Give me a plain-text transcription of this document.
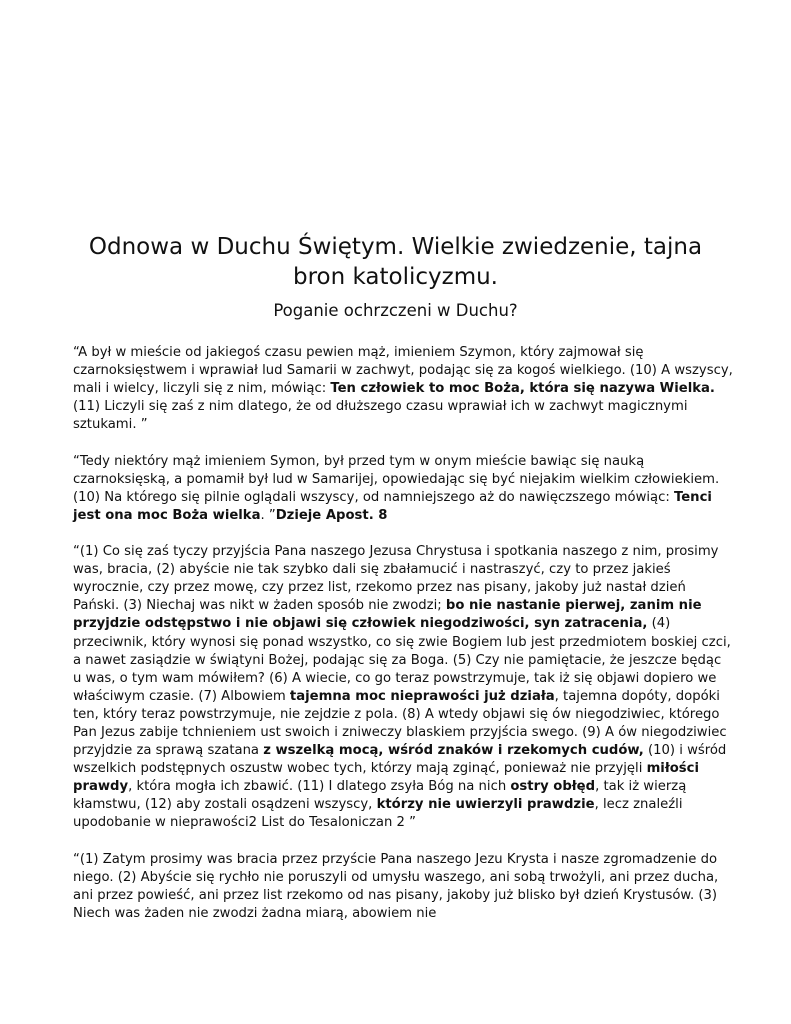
Odnowa w Duchu Świętym. Wielkie zwiedzenie, tajna bron katolicyzmu.
Poganie ochrzczeni w Duchu?

“A był w mieście od jakiegoś czasu pewien mąż, imieniem Szymon, który zajmował się czarnoksięstwem i wprawiał lud Samarii w zachwyt, podając się za kogoś wielkiego. (10) A wszyscy, mali i wielcy, liczyli się z nim, mówiąc: Ten człowiek to moc Boża, która się nazywa Wielka. (11) Liczyli się zaś z nim dlatego, że od dłuższego czasu wprawiał ich w zachwyt magicznymi sztukami. ”

“Tedy niektóry mąż imieniem Symon, był przed tym w onym mieście bawiąc się nauką czarnoksięską, a pomamił był lud w Samarijej, opowiedając się być niejakim wielkim człowiekiem. (10) Na którego się pilnie oglądali wszyscy, od namniejszego aż do nawięczszego mówiąc: Tenci jest ona moc Boża wielka. ”Dzieje Apost. 8

“(1) Co się zaś tyczy przyjścia Pana naszego Jezusa Chrystusa i spotkania naszego z nim, prosimy was, bracia, (2) abyście nie tak szybko dali się zbałamucić i nastraszyć, czy to przez jakieś wyrocznie, czy przez mowę, czy przez list, rzekomo przez nas pisany, jakoby już nastał dzień Pański. (3) Niechaj was nikt w żaden sposób nie zwodzi; bo nie nastanie pierwej, zanim nie przyjdzie odstępstwo i nie objawi się człowiek niegodziwości, syn zatracenia, (4) przeciwnik, który wynosi się ponad wszystko, co się zwie Bogiem lub jest przedmiotem boskiej czci, a nawet zasiądzie w świątyni Bożej, podając się za Boga. (5) Czy nie pamiętacie, że jeszcze będąc u was, o tym wam mówiłem? (6) A wiecie, co go teraz powstrzymuje, tak iż się objawi dopiero we właściwym czasie. (7) Albowiem tajemna moc nieprawości już działa, tajemna dopóty, dopóki ten, który teraz powstrzymuje, nie zejdzie z pola. (8) A wtedy objawi się ów niegodziwiec, którego Pan Jezus zabije tchnieniem ust swoich i zniweczy blaskiem przyjścia swego. (9) A ów niegodziwiec przyjdzie za sprawą szatana z wszelką mocą, wśród znaków i rzekomych cudów, (10) i wśród wszelkich podstępnych oszustw wobec tych, którzy mają zginąć, ponieważ nie przyjęli miłości prawdy, która mogła ich zbawić. (11) I dlatego zsyła Bóg na nich ostry obłęd, tak iż wierzą kłamstwu, (12) aby zostali osądzeni wszyscy, którzy nie uwierzyli prawdzie, lecz znaleźli upodobanie w nieprawości2 List do Tesaloniczan 2 ”

“(1) Zatym prosimy was bracia przez przyście Pana naszego Jezu Krysta i nasze zgromadzenie do niego. (2) Abyście się rychło nie poruszyli od umysłu waszego, ani sobą trwożyli, ani przez ducha, ani przez powieść, ani przez list rzekomo od nas pisany, jakoby już blisko był dzień Krystusów. (3) Niech was żaden nie zwodzi żadna miarą, abowiem nie
